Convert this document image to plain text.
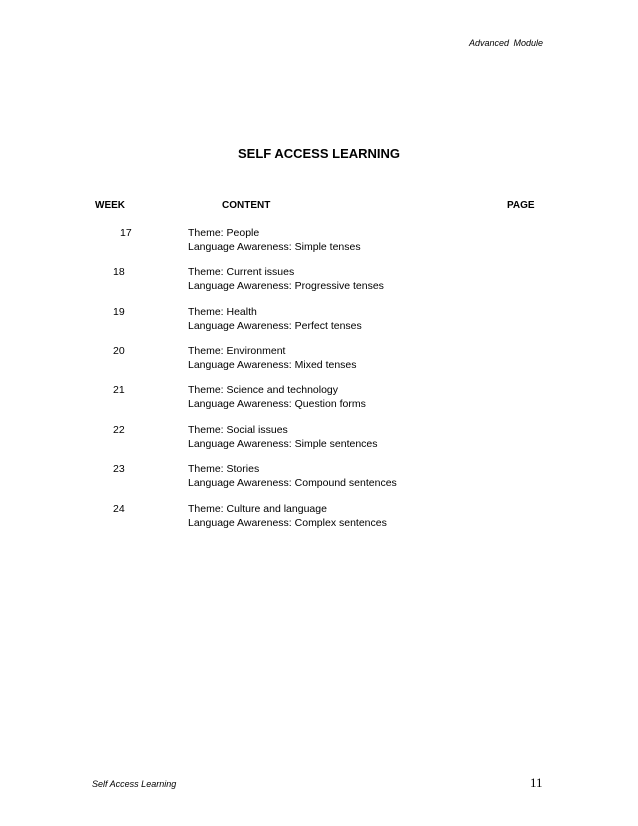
Advanced Module
SELF ACCESS LEARNING
WEEK	CONTENT	PAGE
17	Theme: People
Language Awareness: Simple tenses
18	Theme: Current issues
Language Awareness: Progressive tenses
19	Theme: Health
Language Awareness: Perfect tenses
20	Theme: Environment
Language Awareness: Mixed tenses
21	Theme: Science and technology
Language Awareness: Question forms
22	Theme: Social issues
Language Awareness: Simple sentences
23	Theme: Stories
Language Awareness: Compound sentences
24	Theme: Culture and language
Language Awareness: Complex sentences
Self Access Learning	11
